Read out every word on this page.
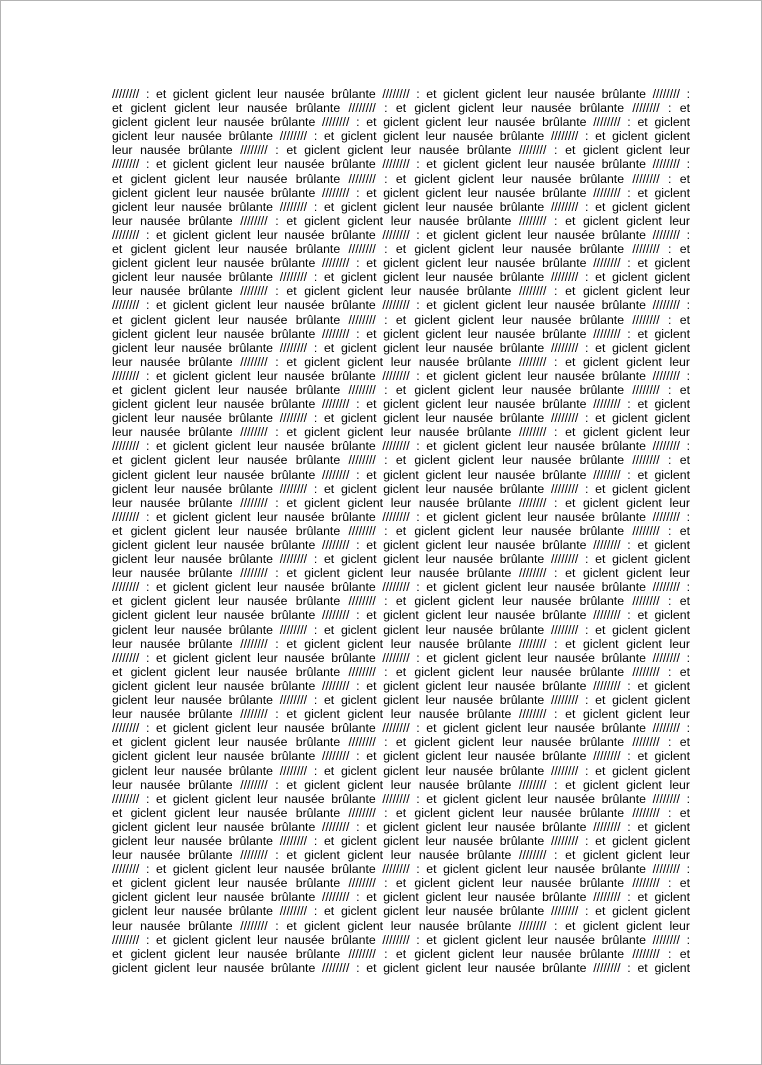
//////// : et giclent giclent leur nausée brûlante //////// : et giclent giclent leur nausée brûlante //////// :
et giclent giclent leur nausée brûlante //////// : et giclent giclent leur nausée brûlante //////// : et
giclent giclent leur nausée brûlante //////// : et giclent giclent leur nausée brûlante //////// : et giclent
giclent leur nausée brûlante //////// : et giclent giclent leur nausée brûlante //////// : et giclent giclent
leur nausée brûlante //////// : et giclent giclent leur nausée brûlante //////// : et giclent giclent leur
//////// : et giclent giclent leur nausée brûlante //////// : et giclent giclent leur nausée brûlante //////// :
et giclent giclent leur nausée brûlante //////// : et giclent giclent leur nausée brûlante //////// : et
giclent giclent leur nausée brûlante //////// : et giclent giclent leur nausée brûlante //////// : et giclent
giclent leur nausée brûlante //////// : et giclent giclent leur nausée brûlante //////// : et giclent giclent
leur nausée brûlante //////// : et giclent giclent leur nausée brûlante //////// : et giclent giclent leur
//////// : et giclent giclent leur nausée brûlante //////// : et giclent giclent leur nausée brûlante //////// :
et giclent giclent leur nausée brûlante //////// : et giclent giclent leur nausée brûlante //////// : et
giclent giclent leur nausée brûlante //////// : et giclent giclent leur nausée brûlante //////// : et giclent
giclent leur nausée brûlante //////// : et giclent giclent leur nausée brûlante //////// : et giclent giclent
leur nausée brûlante //////// : et giclent giclent leur nausée brûlante //////// : et giclent giclent leur
//////// : et giclent giclent leur nausée brûlante //////// : et giclent giclent leur nausée brûlante //////// :
et giclent giclent leur nausée brûlante //////// : et giclent giclent leur nausée brûlante //////// : et
giclent giclent leur nausée brûlante //////// : et giclent giclent leur nausée brûlante //////// : et giclent
giclent leur nausée brûlante //////// : et giclent giclent leur nausée brûlante //////// : et giclent giclent
leur nausée brûlante //////// : et giclent giclent leur nausée brûlante //////// : et giclent giclent leur
//////// : et giclent giclent leur nausée brûlante //////// : et giclent giclent leur nausée brûlante //////// :
et giclent giclent leur nausée brûlante //////// : et giclent giclent leur nausée brûlante //////// : et
giclent giclent leur nausée brûlante //////// : et giclent giclent leur nausée brûlante //////// : et giclent
giclent leur nausée brûlante //////// : et giclent giclent leur nausée brûlante //////// : et giclent giclent
leur nausée brûlante //////// : et giclent giclent leur nausée brûlante //////// : et giclent giclent leur
//////// : et giclent giclent leur nausée brûlante //////// : et giclent giclent leur nausée brûlante //////// :
et giclent giclent leur nausée brûlante //////// : et giclent giclent leur nausée brûlante //////// : et
giclent giclent leur nausée brûlante //////// : et giclent giclent leur nausée brûlante //////// : et giclent
giclent leur nausée brûlante //////// : et giclent giclent leur nausée brûlante //////// : et giclent giclent
leur nausée brûlante //////// : et giclent giclent leur nausée brûlante //////// : et giclent giclent leur
//////// : et giclent giclent leur nausée brûlante //////// : et giclent giclent leur nausée brûlante //////// :
et giclent giclent leur nausée brûlante //////// : et giclent giclent leur nausée brûlante //////// : et
giclent giclent leur nausée brûlante //////// : et giclent giclent leur nausée brûlante //////// : et giclent
giclent leur nausée brûlante //////// : et giclent giclent leur nausée brûlante //////// : et giclent giclent
leur nausée brûlante //////// : et giclent giclent leur nausée brûlante //////// : et giclent giclent leur
//////// : et giclent giclent leur nausée brûlante //////// : et giclent giclent leur nausée brûlante //////// :
et giclent giclent leur nausée brûlante //////// : et giclent giclent leur nausée brûlante //////// : et
giclent giclent leur nausée brûlante //////// : et giclent giclent leur nausée brûlante //////// : et giclent
giclent leur nausée brûlante //////// : et giclent giclent leur nausée brûlante //////// : et giclent giclent
leur nausée brûlante //////// : et giclent giclent leur nausée brûlante //////// : et giclent giclent leur
//////// : et giclent giclent leur nausée brûlante //////// : et giclent giclent leur nausée brûlante //////// :
et giclent giclent leur nausée brûlante //////// : et giclent giclent leur nausée brûlante //////// : et
giclent giclent leur nausée brûlante //////// : et giclent giclent leur nausée brûlante //////// : et giclent
giclent leur nausée brûlante //////// : et giclent giclent leur nausée brûlante //////// : et giclent giclent
leur nausée brûlante //////// : et giclent giclent leur nausée brûlante //////// : et giclent giclent leur
//////// : et giclent giclent leur nausée brûlante //////// : et giclent giclent leur nausée brûlante //////// :
et giclent giclent leur nausée brûlante //////// : et giclent giclent leur nausée brûlante //////// : et
giclent giclent leur nausée brûlante //////// : et giclent giclent leur nausée brûlante //////// : et giclent
giclent leur nausée brûlante //////// : et giclent giclent leur nausée brûlante //////// : et giclent giclent
leur nausée brûlante //////// : et giclent giclent leur nausée brûlante //////// : et giclent giclent leur
//////// : et giclent giclent leur nausée brûlante //////// : et giclent giclent leur nausée brûlante //////// :
et giclent giclent leur nausée brûlante //////// : et giclent giclent leur nausée brûlante //////// : et
giclent giclent leur nausée brûlante //////// : et giclent giclent leur nausée brûlante //////// : et giclent
giclent leur nausée brûlante //////// : et giclent giclent leur nausée brûlante //////// : et giclent giclent
leur nausée brûlante //////// : et giclent giclent leur nausée brûlante //////// : et giclent giclent leur
//////// : et giclent giclent leur nausée brûlante //////// : et giclent giclent leur nausée brûlante //////// :
et giclent giclent leur nausée brûlante //////// : et giclent giclent leur nausée brûlante //////// : et
giclent giclent leur nausée brûlante //////// : et giclent giclent leur nausée brûlante //////// : et giclent
giclent leur nausée brûlante //////// : et giclent giclent leur nausée brûlante //////// : et giclent giclent
leur nausée brûlante //////// : et giclent giclent leur nausée brûlante //////// : et giclent giclent leur
//////// : et giclent giclent leur nausée brûlante //////// : et giclent giclent leur nausée brûlante //////// :
et giclent giclent leur nausée brûlante //////// : et giclent giclent leur nausée brûlante //////// : et
giclent giclent leur nausée brûlante //////// : et giclent giclent leur nausée brûlante //////// : et giclent
